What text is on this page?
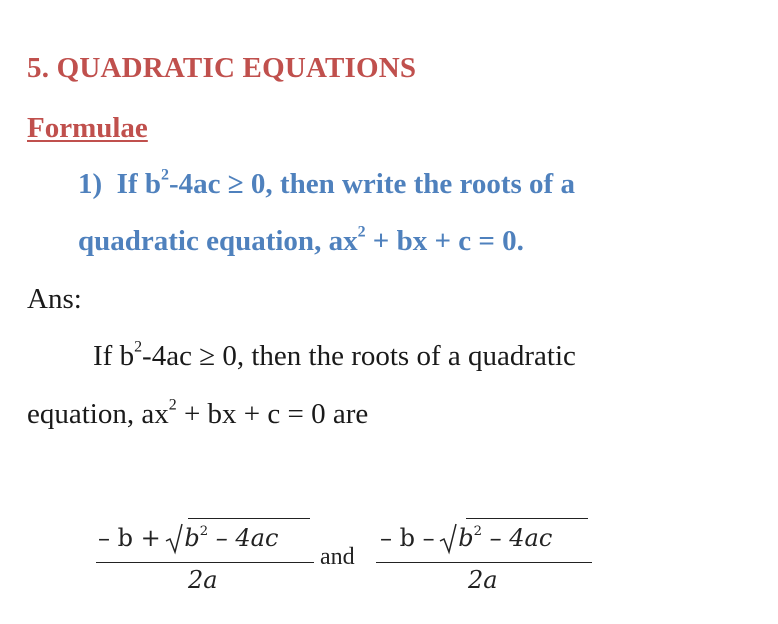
5. QUADRATIC EQUATIONS
Formulae
1) If $b^2-4ac \ge 0$, then write the roots of a
quadratic equation, $ax^2$ + bx + c = 0.
Ans:
If $b^2-4ac \ge 0$, then the roots of a quadratic
equation, $ax^2$ + bx + c = 0 are
– b +
$b^2 - 4ac$
2a
and
– b –
$b^2 - 4ac$
2a
